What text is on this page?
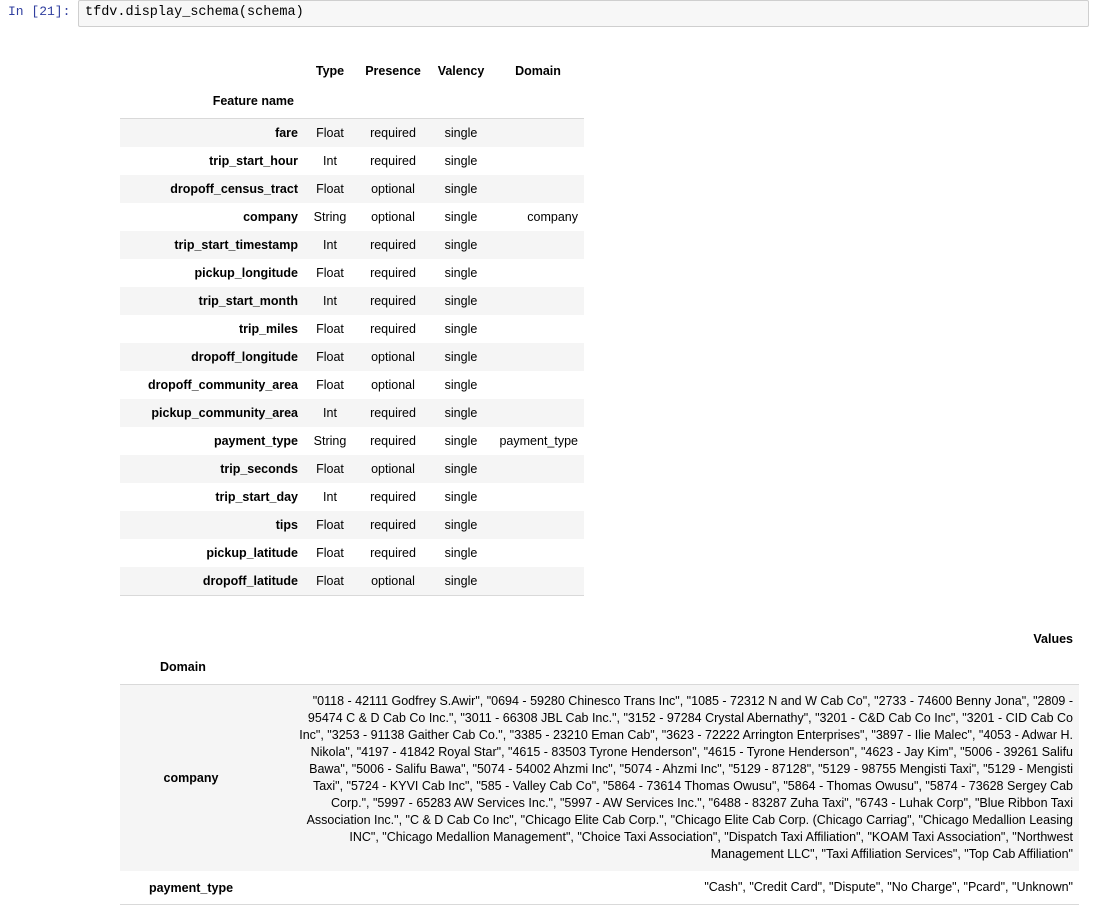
In [21]:	tfdv.display_schema(schema)
	Type	Presence	Valency	Domain
Feature name				
fare	Float	required	single	
trip_start_hour	Int	required	single	
dropoff_census_tract	Float	optional	single	
company	String	optional	single	company
trip_start_timestamp	Int	required	single	
pickup_longitude	Float	required	single	
trip_start_month	Int	required	single	
trip_miles	Float	required	single	
dropoff_longitude	Float	optional	single	
dropoff_community_area	Float	optional	single	
pickup_community_area	Int	required	single	
payment_type	String	required	single	payment_type
trip_seconds	Float	optional	single	
trip_start_day	Int	required	single	
tips	Float	required	single	
pickup_latitude	Float	required	single	
dropoff_latitude	Float	optional	single	
	Values
Domain	
company	"0118 - 42111 Godfrey S.Awir", "0694 - 59280 Chinesco Trans Inc", "1085 - 72312 N and W Cab Co", "2733 - 74600 Benny Jona", "2809 - 95474 C & D Cab Co Inc.", "3011 - 66308 JBL Cab Inc.", "3152 - 97284 Crystal Abernathy", "3201 - C&D Cab Co Inc", "3201 - CID Cab Co Inc", "3253 - 91138 Gaither Cab Co.", "3385 - 23210 Eman Cab", "3623 - 72222 Arrington Enterprises", "3897 - Ilie Malec", "4053 - Adwar H. Nikola", "4197 - 41842 Royal Star", "4615 - 83503 Tyrone Henderson", "4615 - Tyrone Henderson", "4623 - Jay Kim", "5006 - 39261 Salifu Bawa", "5006 - Salifu Bawa", "5074 - 54002 Ahzmi Inc", "5074 - Ahzmi Inc", "5129 - 87128", "5129 - 98755 Mengisti Taxi", "5129 - Mengisti Taxi", "5724 - KYVI Cab Inc", "585 - Valley Cab Co", "5864 - 73614 Thomas Owusu", "5864 - Thomas Owusu", "5874 - 73628 Sergey Cab Corp.", "5997 - 65283 AW Services Inc.", "5997 - AW Services Inc.", "6488 - 83287 Zuha Taxi", "6743 - Luhak Corp", "Blue Ribbon Taxi Association Inc.", "C & D Cab Co Inc", "Chicago Elite Cab Corp.", "Chicago Elite Cab Corp. (Chicago Carriag", "Chicago Medallion Leasing INC", "Chicago Medallion Management", "Choice Taxi Association", "Dispatch Taxi Affiliation", "KOAM Taxi Association", "Northwest Management LLC", "Taxi Affiliation Services", "Top Cab Affiliation"
payment_type	"Cash", "Credit Card", "Dispute", "No Charge", "Pcard", "Unknown"
